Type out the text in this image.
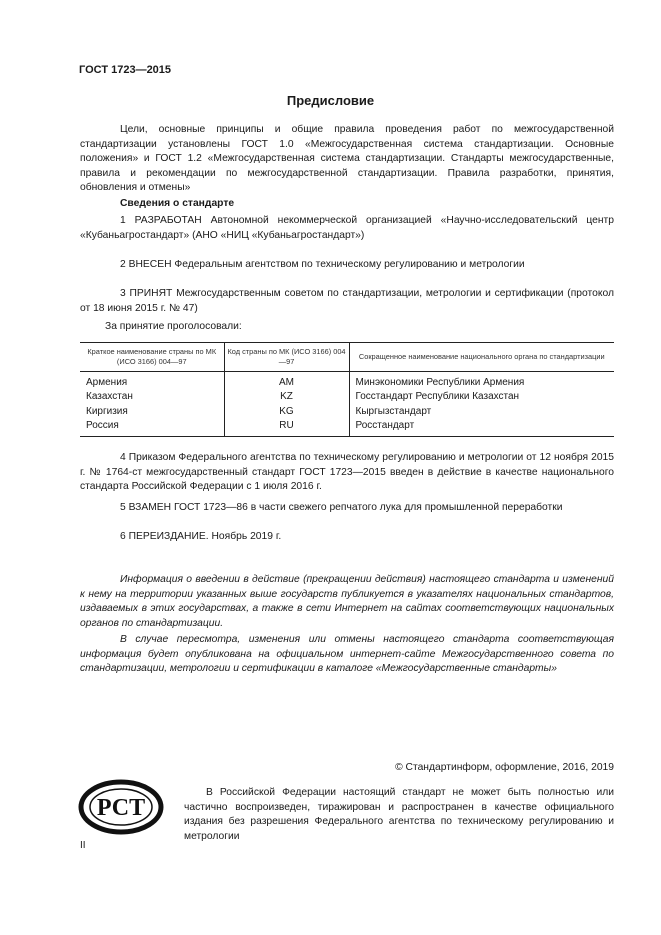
ГОСТ 1723—2015
Предисловие
Цели, основные принципы и общие правила проведения работ по межгосударственной стандартизации установлены ГОСТ 1.0 «Межгосударственная система стандартизации. Основные положения» и ГОСТ 1.2 «Межгосударственная система стандартизации. Стандарты межгосударственные, правила и рекомендации по межгосударственной стандартизации. Правила разработки, принятия, обновления и отмены»
Сведения о стандарте
1 РАЗРАБОТАН Автономной некоммерческой организацией «Научно-исследовательский центр «Кубаньагростандарт» (АНО «НИЦ «Кубаньагростандарт»)
2 ВНЕСЕН Федеральным агентством по техническому регулированию и метрологии
3 ПРИНЯТ Межгосударственным советом по стандартизации, метрологии и сертификации (протокол от 18 июня 2015 г. № 47)
За принятие проголосовали:
Краткое наименование страны по МК (ИСО 3166) 004—97	Код страны по МК (ИСО 3166) 004—97	Сокращенное наименование национального органа по стандартизации
Армения	AM	Минэкономики Республики Армения
Казахстан	KZ	Госстандарт Республики Казахстан
Киргизия	KG	Кыргызстандарт
Россия	RU	Росстандарт
4 Приказом Федерального агентства по техническому регулированию и метрологии от 12 ноября 2015 г. № 1764-ст межгосударственный стандарт ГОСТ 1723—2015 введен в действие в качестве национального стандарта Российской Федерации с 1 июля 2016 г.
5 ВЗАМЕН ГОСТ 1723—86 в части свежего репчатого лука для промышленной переработки
6 ПЕРЕИЗДАНИЕ. Ноябрь 2019 г.
Информация о введении в действие (прекращении действия) настоящего стандарта и изменений к нему на территории указанных выше государств публикуется в указателях национальных стандартов, издаваемых в этих государствах, а также в сети Интернет на сайтах соответствующих национальных органов по стандартизации.
В случае пересмотра, изменения или отмены настоящего стандарта соответствующая информация будет опубликована на официальном интернет-сайте Межгосударственного совета по стандартизации, метрологии и сертификации в каталоге «Межгосударственные стандарты»
© Стандартинформ, оформление, 2016, 2019
РСТ
В Российской Федерации настоящий стандарт не может быть полностью или частично воспроизведен, тиражирован и распространен в качестве официального издания без разрешения Федерального агентства по техническому регулированию и метрологии
II
